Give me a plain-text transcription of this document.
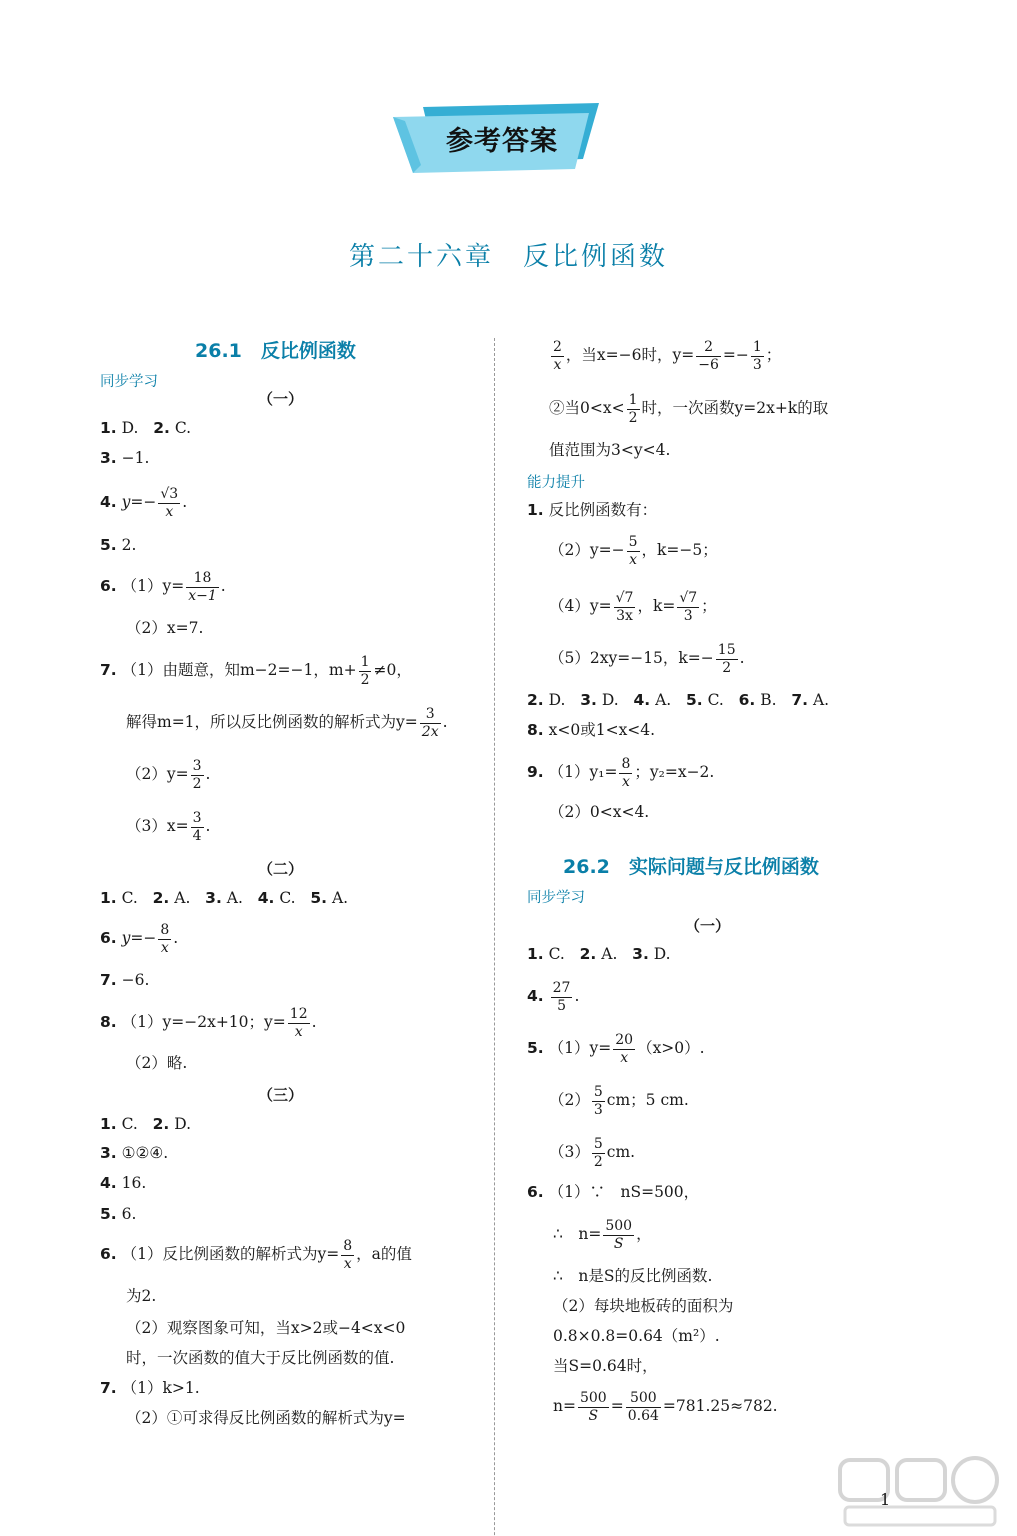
参考答案
第二十六章　反比例函数
26.1　反比例函数
同步学习
（一）
1. D. 2. C.
3. −1.
4. $y=- \frac{√3}{x}$ .
5. 2.
6. $(1)y= \frac{18}{x-1}$ .
（2）x=7.
7. （1）由题意，知m−2=−1，$m+ \frac{1}{2} \ne 0$，
解得m=1，所以反比例函数的解析式为$y= \frac{3}{2x}$ .
$(2)y= \frac{3}{2}$ .
$(3)x= \frac{3}{4}$ .
（二）
1. C. 2. A. 3. A. 4. C. 5. A.
6. $y=- \frac{8}{x}$ .
7. −6.
8. （1）y=−2x+10；$y= \frac{12}{x}$ .
（2）略.
（三）
1. C. 2. D.
3. ①②④.
4. 16.
5. 6.
6. （1）反比例函数的解析式为$y= \frac{8}{x}$ ，a的值
为2.
（2）观察图象可知，当x>2或−4<x<0
时，一次函数的值大于反比例函数的值.
7. （1）k>1.
（2）①可求得反比例函数的解析式为y=
$\frac{2}{x}$ ，当x=−6时，$y= \frac{2}{-6} =- \frac{1}{3}$ ；
②当$0<x< \frac{1}{2}$ 时，一次函数y=2x+k的取
值范围为3<y<4.
能力提升
1. 反比例函数有：
$(2)y=- \frac{5}{x}$ ，k=−5；
$(4)y= \frac{√7}{3x}$ ，$k= \frac{√7}{3}$ ；
（5）2xy=−15，$k=- \frac{15}{2}$ .
2. D. 3. D. 4. A. 5. C. 6. B. 7. A.
8. x<0或1<x<4.
9. $(1)y_1= \frac{8}{x}$ ；y₂=x−2.
（2）0<x<4.
26.2　实际问题与反比例函数
同步学习
（一）
1. C. 2. A. 3. D.
4. $\frac{27}{5}$ .
5. $(1)y= \frac{20}{x} (x>0)$.
$(2) \frac{5}{3}$ cm；5 cm.
$(3) \frac{5}{2}$ cm.
6. （1）∵　nS=500，
∴　$n= \frac{500}{S}$ ，
∴　n是S的反比例函数.
（2）每块地板砖的面积为
0.8×0.8=0.64（m²）.
当S=0.64时，
$n= \frac{500}{S} = \frac{500}{0.64} =781.25\approx 782$.
1
